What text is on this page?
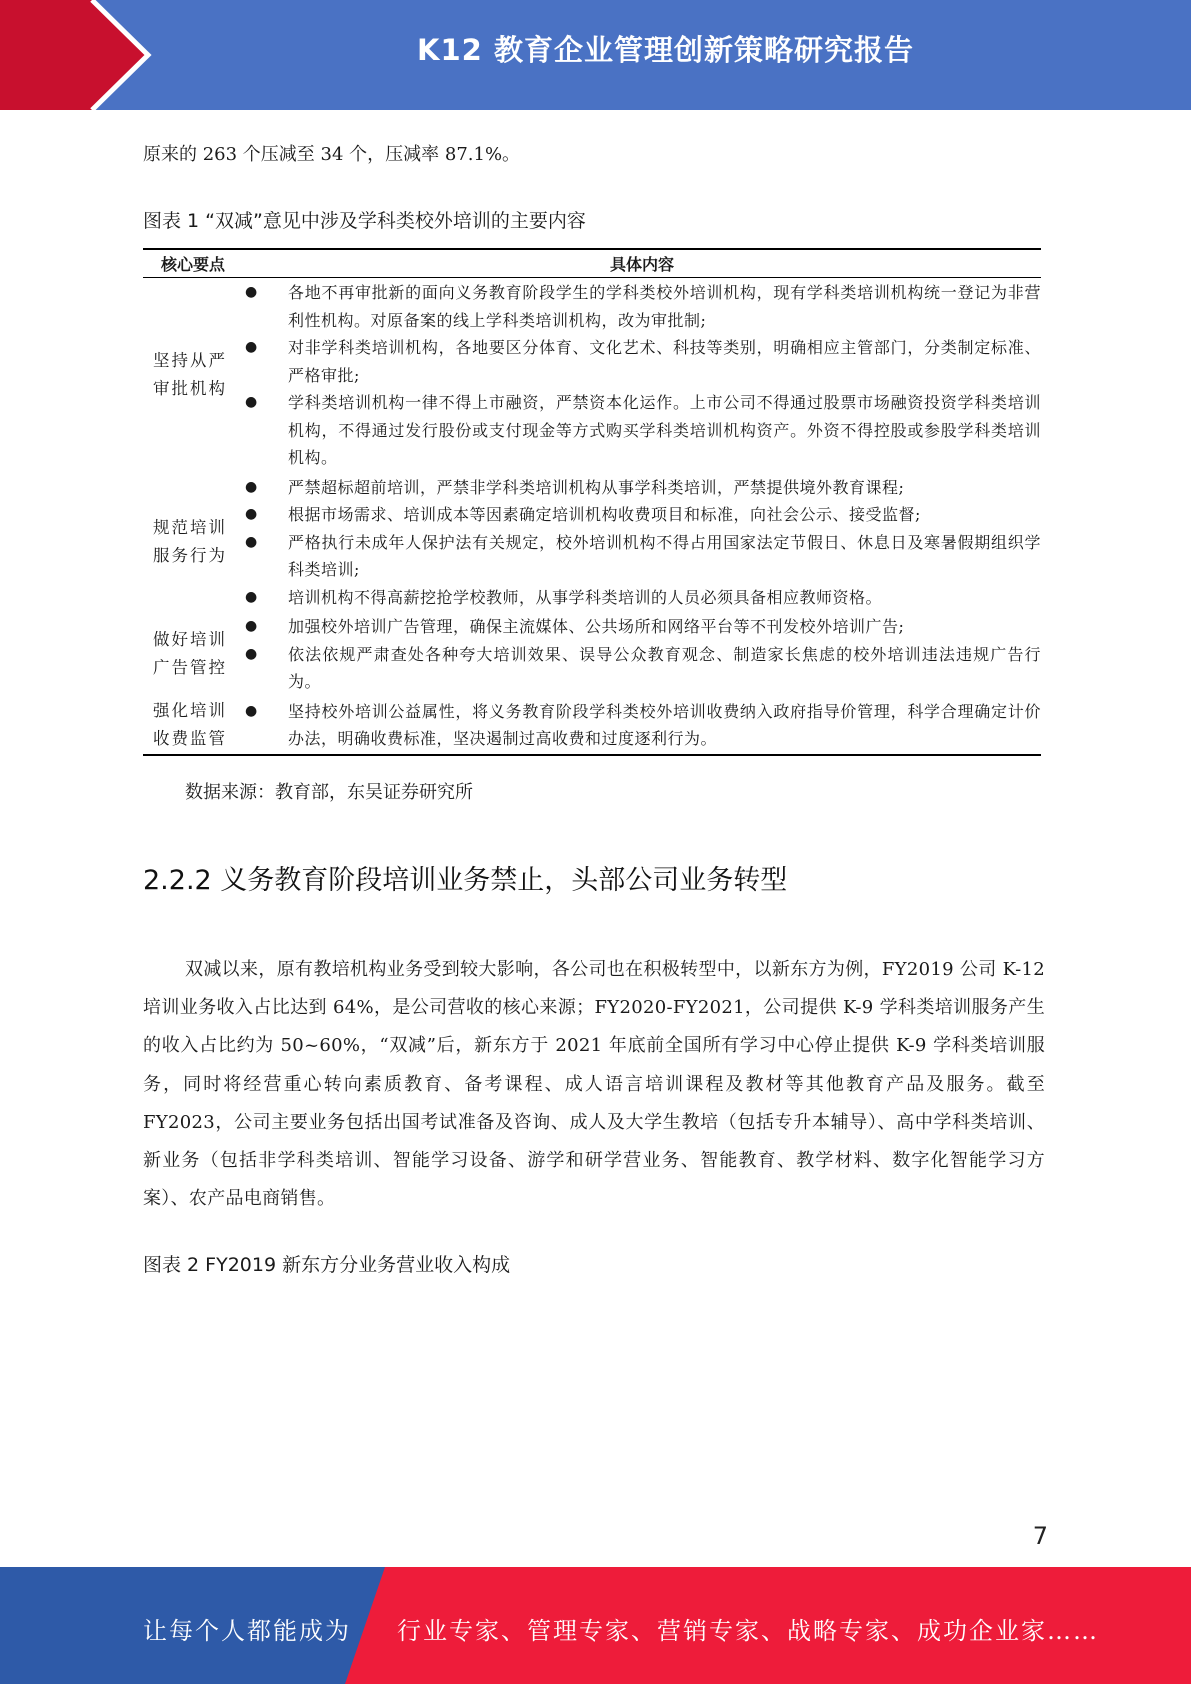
K12 教育企业管理创新策略研究报告
原来的 263 个压减至 34 个，压减率 87.1%。
图表 1 “双减”意见中涉及学科类校外培训的主要内容
核心要点	具体内容
坚持从严审批机构
●	各地不再审批新的面向义务教育阶段学生的学科类校外培训机构，现有学科类培训机构统一登记为非营利性机构。对原备案的线上学科类培训机构，改为审批制;
●	对非学科类培训机构，各地要区分体育、文化艺术、科技等类别，明确相应主管部门，分类制定标准、严格审批;
●	学科类培训机构一律不得上市融资，严禁资本化运作。上市公司不得通过股票市场融资投资学科类培训机构，不得通过发行股份或支付现金等方式购买学科类培训机构资产。外资不得控股或参股学科类培训机构。
规范培训服务行为
●	严禁超标超前培训，严禁非学科类培训机构从事学科类培训，严禁提供境外教育课程;
●	根据市场需求、培训成本等因素确定培训机构收费项目和标准，向社会公示、接受监督;
●	严格执行未成年人保护法有关规定，校外培训机构不得占用国家法定节假日、休息日及寒暑假期组织学科类培训;
●	培训机构不得高薪挖抢学校教师，从事学科类培训的人员必须具备相应教师资格。
做好培训广告管控
●	加强校外培训广告管理，确保主流媒体、公共场所和网络平台等不刊发校外培训广告;
●	依法依规严肃查处各种夸大培训效果、误导公众教育观念、制造家长焦虑的校外培训违法违规广告行为。
强化培训收费监管
●	坚持校外培训公益属性，将义务教育阶段学科类校外培训收费纳入政府指导价管理，科学合理确定计价办法，明确收费标准，坚决遏制过高收费和过度逐利行为。
数据来源：教育部，东吴证券研究所
2.2.2 义务教育阶段培训业务禁止，头部公司业务转型
双减以来，原有教培机构业务受到较大影响，各公司也在积极转型中，以新东方为例，FY2019 公司 K-12 培训业务收入占比达到 64%，是公司营收的核心来源；FY2020-FY2021，公司提供 K-9 学科类培训服务产生的收入占比约为 50~60%，“双减”后，新东方于 2021 年底前全国所有学习中心停止提供 K-9 学科类培训服务，同时将经营重心转向素质教育、备考课程、成人语言培训课程及教材等其他教育产品及服务。截至 FY2023，公司主要业务包括出国考试准备及咨询、成人及大学生教培（包括专升本辅导）、高中学科类培训、新业务（包括非学科类培训、智能学习设备、游学和研学营业务、智能教育、教学材料、数字化智能学习方案）、农产品电商销售。
图表 2 FY2019 新东方分业务营业收入构成
7
让每个人都能成为 行业专家、管理专家、营销专家、战略专家、成功企业家……
